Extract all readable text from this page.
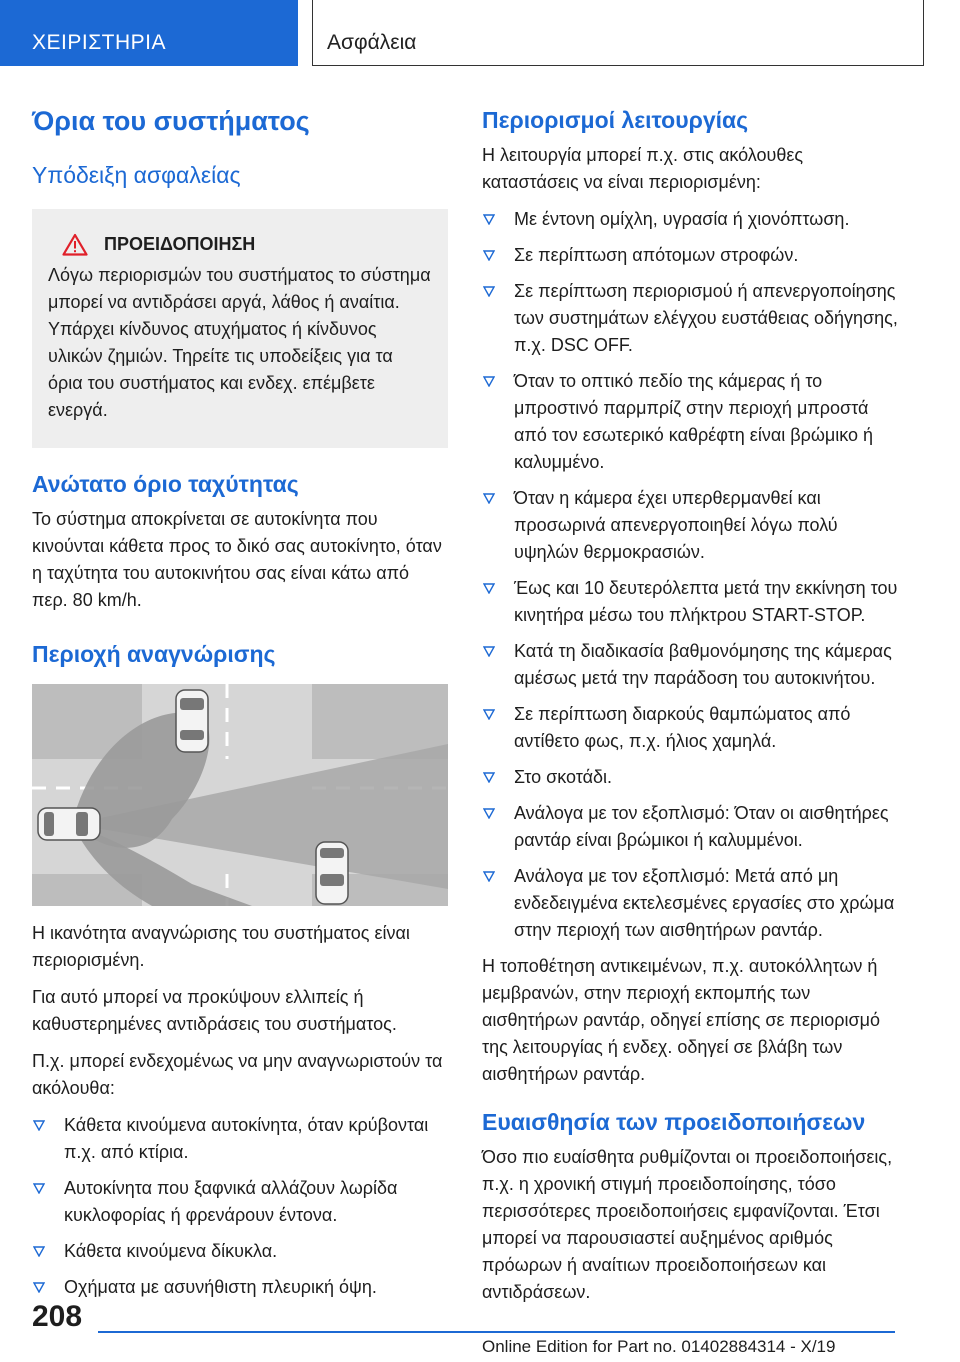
ΧΕΙΡΙΣΤΗΡΙΑ	Ασφάλεια
Όρια του συστήματος
Υπόδειξη ασφαλείας
ΠΡΟΕΙΔΟΠΟΙΗΣΗ

Λόγω περιορισμών του συστήματος το σύστημα μπορεί να αντιδράσει αργά, λάθος ή αναίτια. Υπάρχει κίνδυνος ατυχήματος ή κίνδυνος υλικών ζημιών. Τηρείτε τις υποδείξεις για τα όρια του συστήματος και ενδεχ. επέμβετε ενεργά.

Ανώτατο όριο ταχύτητας

Το σύστημα αποκρίνεται σε αυτοκίνητα που κινούνται κάθετα προς το δικό σας αυτοκίνητο, όταν η ταχύτητα του αυτοκινήτου σας είναι κάτω από περ. 80 km/h.

Περιοχή αναγνώρισης

Η ικανότητα αναγνώρισης του συστήματος είναι περιορισμένη.

Για αυτό μπορεί να προκύψουν ελλιπείς ή καθυστερημένες αντιδράσεις του συστήματος.

Π.χ. μπορεί ενδεχομένως να μην αναγνωριστούν τα ακόλουθα:

Κάθετα κινούμενα αυτοκίνητα, όταν κρύβονται π.χ. από κτίρια.
Αυτοκίνητα που ξαφνικά αλλάζουν λωρίδα κυκλοφορίας ή φρενάρουν έντονα.
Κάθετα κινούμενα δίκυκλα.
Οχήματα με ασυνήθιστη πλευρική όψη.
Περιορισμοί λειτουργίας

Η λειτουργία μπορεί π.χ. στις ακόλουθες καταστάσεις να είναι περιορισμένη:

Με έντονη ομίχλη, υγρασία ή χιονόπτωση.
Σε περίπτωση απότομων στροφών.
Σε περίπτωση περιορισμού ή απενεργοποίησης των συστημάτων ελέγχου ευστάθειας οδήγησης, π.χ. DSC OFF.
Όταν το οπτικό πεδίο της κάμερας ή το μπροστινό παρμπρίζ στην περιοχή μπροστά από τον εσωτερικό καθρέφτη είναι βρώμικο ή καλυμμένο.
Όταν η κάμερα έχει υπερθερμανθεί και προσωρινά απενεργοποιηθεί λόγω πολύ υψηλών θερμοκρασιών.
Έως και 10 δευτερόλεπτα μετά την εκκίνηση του κινητήρα μέσω του πλήκτρου START-STOP.
Κατά τη διαδικασία βαθμονόμησης της κάμερας αμέσως μετά την παράδοση του αυτοκινήτου.
Σε περίπτωση διαρκούς θαμπώματος από αντίθετο φως, π.χ. ήλιος χαμηλά.
Στο σκοτάδι.
Ανάλογα με τον εξοπλισμό: Όταν οι αισθητήρες ραντάρ είναι βρώμικοι ή καλυμμένοι.
Ανάλογα με τον εξοπλισμό: Μετά από μη ενδεδειγμένα εκτελεσμένες εργασίες στο χρώμα στην περιοχή των αισθητήρων ραντάρ.

Η τοποθέτηση αντικειμένων, π.χ. αυτοκόλλητων ή μεμβρανών, στην περιοχή εκπομπής των αισθητήρων ραντάρ, οδηγεί επίσης σε περιορισμό της λειτουργίας ή ενδεχ. οδηγεί σε βλάβη των αισθητήρων ραντάρ.

Ευαισθησία των προειδοποιήσεων

Όσο πιο ευαίσθητα ρυθμίζονται οι προειδοποιήσεις, π.χ. η χρονική στιγμή προειδοποίησης, τόσο περισσότερες προειδοποιήσεις εμφανίζονται. Έτσι μπορεί να παρουσιαστεί αυξημένος αριθμός πρόωρων ή αναίτιων προειδοποιήσεων και αντιδράσεων.

208
Online Edition for Part no. 01402884314 - X/19
